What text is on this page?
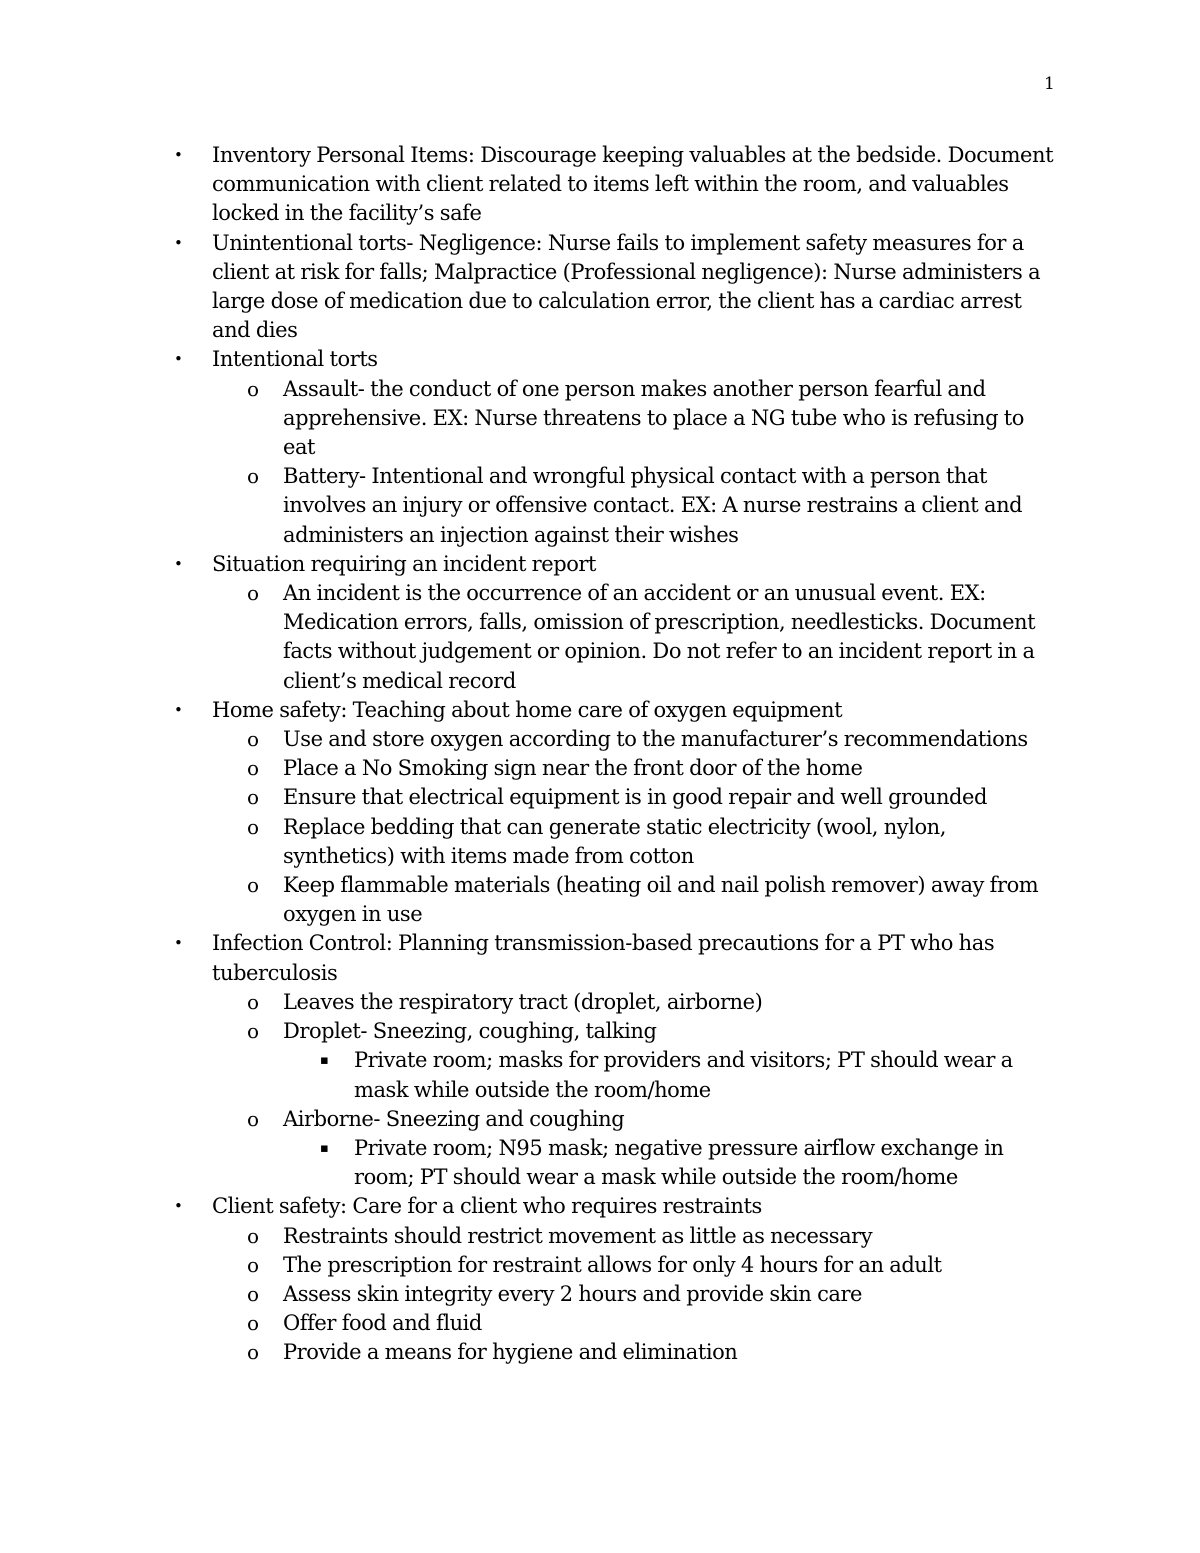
1
• Inventory Personal Items: Discourage keeping valuables at the bedside. Document communication with client related to items left within the room, and valuables locked in the facility’s safe
• Unintentional torts- Negligence: Nurse fails to implement safety measures for a client at risk for falls; Malpractice (Professional negligence): Nurse administers a large dose of medication due to calculation error, the client has a cardiac arrest and dies
• Intentional torts
o Assault- the conduct of one person makes another person fearful and apprehensive. EX: Nurse threatens to place a NG tube who is refusing to eat
o Battery- Intentional and wrongful physical contact with a person that involves an injury or offensive contact. EX: A nurse restrains a client and administers an injection against their wishes
• Situation requiring an incident report
o An incident is the occurrence of an accident or an unusual event. EX: Medication errors, falls, omission of prescription, needlesticks. Document facts without judgement or opinion. Do not refer to an incident report in a client’s medical record
• Home safety: Teaching about home care of oxygen equipment
o Use and store oxygen according to the manufacturer’s recommendations
o Place a No Smoking sign near the front door of the home
o Ensure that electrical equipment is in good repair and well grounded
o Replace bedding that can generate static electricity (wool, nylon, synthetics) with items made from cotton
o Keep flammable materials (heating oil and nail polish remover) away from oxygen in use
• Infection Control: Planning transmission-based precautions for a PT who has tuberculosis
o Leaves the respiratory tract (droplet, airborne)
o Droplet- Sneezing, coughing, talking
▪ Private room; masks for providers and visitors; PT should wear a mask while outside the room/home
o Airborne- Sneezing and coughing
▪ Private room; N95 mask; negative pressure airflow exchange in room; PT should wear a mask while outside the room/home
• Client safety: Care for a client who requires restraints
o Restraints should restrict movement as little as necessary
o The prescription for restraint allows for only 4 hours for an adult
o Assess skin integrity every 2 hours and provide skin care
o Offer food and fluid
o Provide a means for hygiene and elimination
